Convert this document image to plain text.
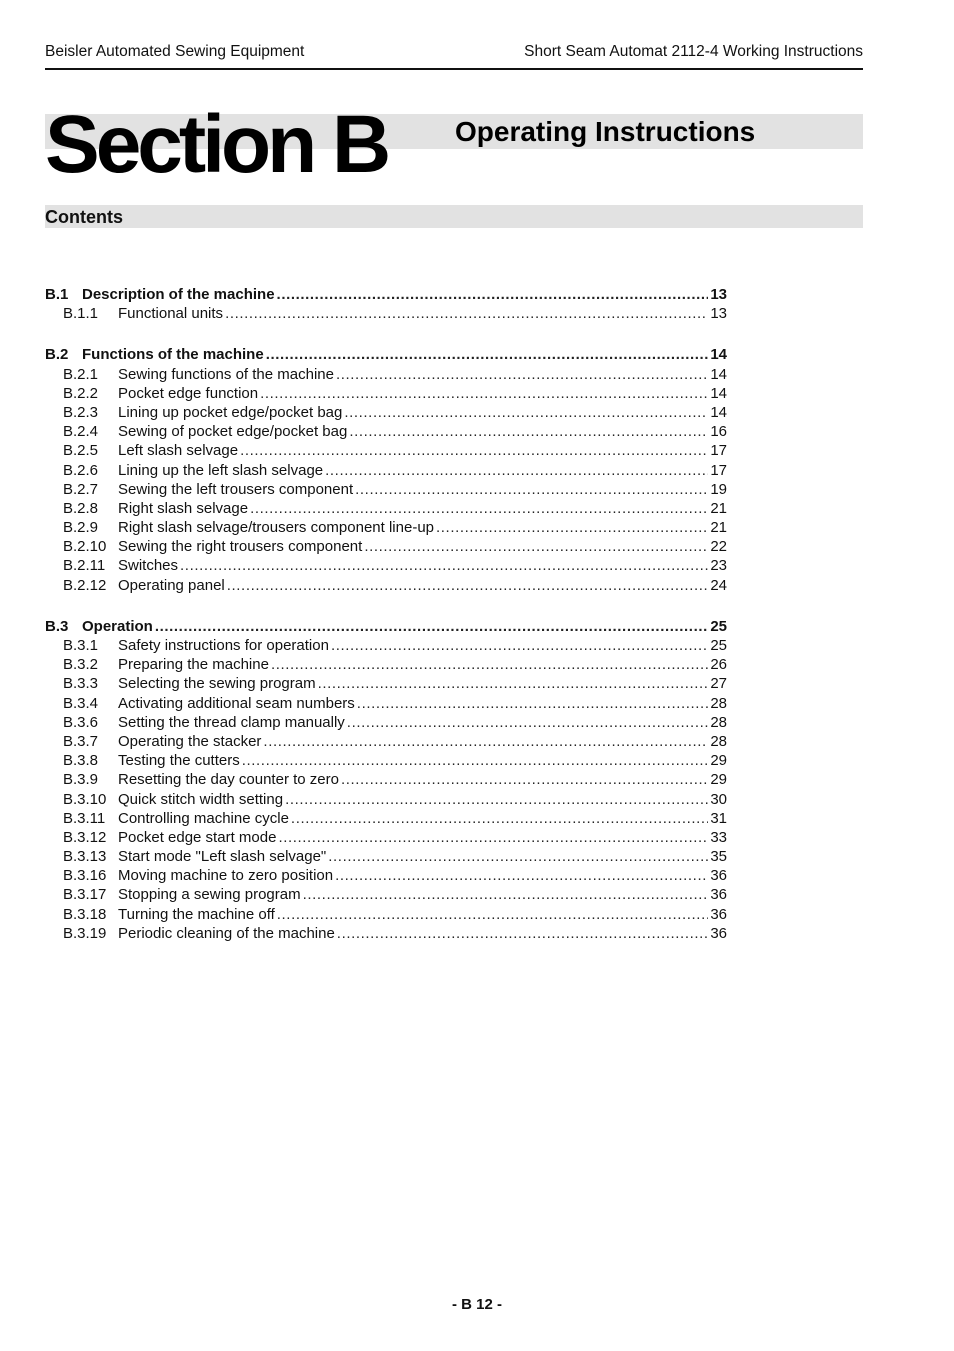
Beisler Automated Sewing Equipment	Short Seam Automat 2112-4 Working Instructions
Section B Operating Instructions
Contents
B.1 Description of the machine .....	13
B.1.1	Functional units .....	13
B.2 Functions of the machine .....	14
B.2.1	Sewing functions of the machine .....	14
B.2.2	Pocket edge function .....	14
B.2.3	Lining up pocket edge/pocket bag .....	14
B.2.4	Sewing of pocket edge/pocket bag .....	16
B.2.5	Left slash selvage .....	17
B.2.6	Lining up the left slash selvage .....	17
B.2.7	Sewing the left trousers component .....	19
B.2.8	Right slash selvage .....	21
B.2.9	Right slash selvage/trousers component line-up .....	21
B.2.10 Sewing the right trousers component .....	22
B.2.11 Switches .....	23
B.2.12 Operating panel .....	24
B.3 Operation .....	25
B.3.1	Safety instructions for operation .....	25
B.3.2	Preparing the machine .....	26
B.3.3	Selecting the sewing program .....	27
B.3.4	Activating additional seam numbers .....	28
B.3.6	Setting the thread clamp manually .....	28
B.3.7	Operating the stacker .....	28
B.3.8	Testing the cutters .....	29
B.3.9	Resetting the day counter to zero .....	29
B.3.10 Quick stitch width setting .....	30
B.3.11 Controlling machine cycle .....	31
B.3.12 Pocket edge start mode .....	33
B.3.13 Start mode "Left slash selvage" .....	35
B.3.16 Moving machine to zero position .....	36
B.3.17 Stopping a sewing program .....	36
B.3.18 Turning the machine off .....	36
B.3.19 Periodic cleaning of the machine .....	36
- B 12 -
